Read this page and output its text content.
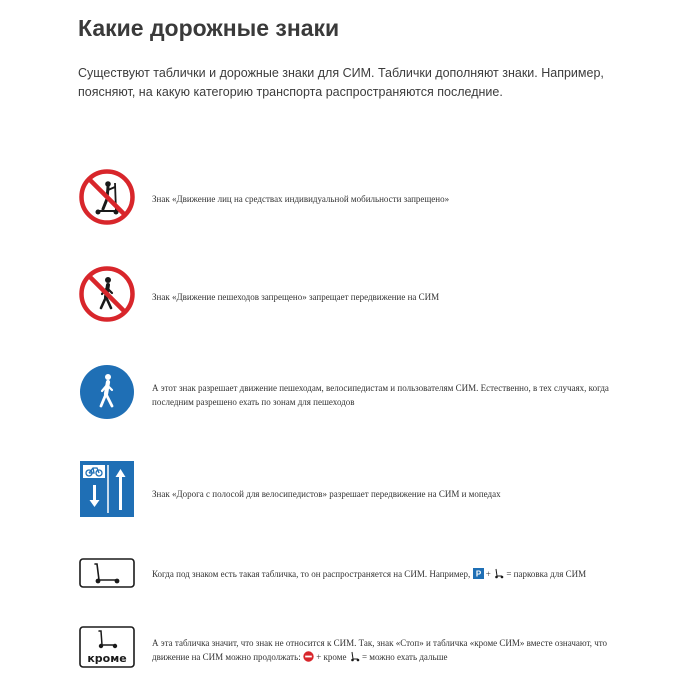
Какие дорожные знаки

Существуют таблички и дорожные знаки для СИМ. Таблички дополняют знаки. Например, поясняют, на какую категорию транспорта распространяются последние.

Знак «Движение лиц на средствах индивидуальной мобильности запрещено»

Знак «Движение пешеходов запрещено» запрещает передвижение на СИМ

А этот знак разрешает движение пешеходам, велосипедистам и пользователям СИМ. Естественно, в тех случаях, когда последним разрешено ехать по зонам для пешеходов

Знак «Дорога с полосой для велосипедистов» разрешает передвижение на СИМ и мопедах

Когда под знаком есть такая табличка, то он распространяется на СИМ. Например, P + = парковка для СИМ

кроме

А эта табличка значит, что знак не относится к СИМ. Так, знак «Стоп» и табличка «кроме СИМ» вместе означают, что
движение на СИМ можно продолжать: + кроме = можно ехать дальше
